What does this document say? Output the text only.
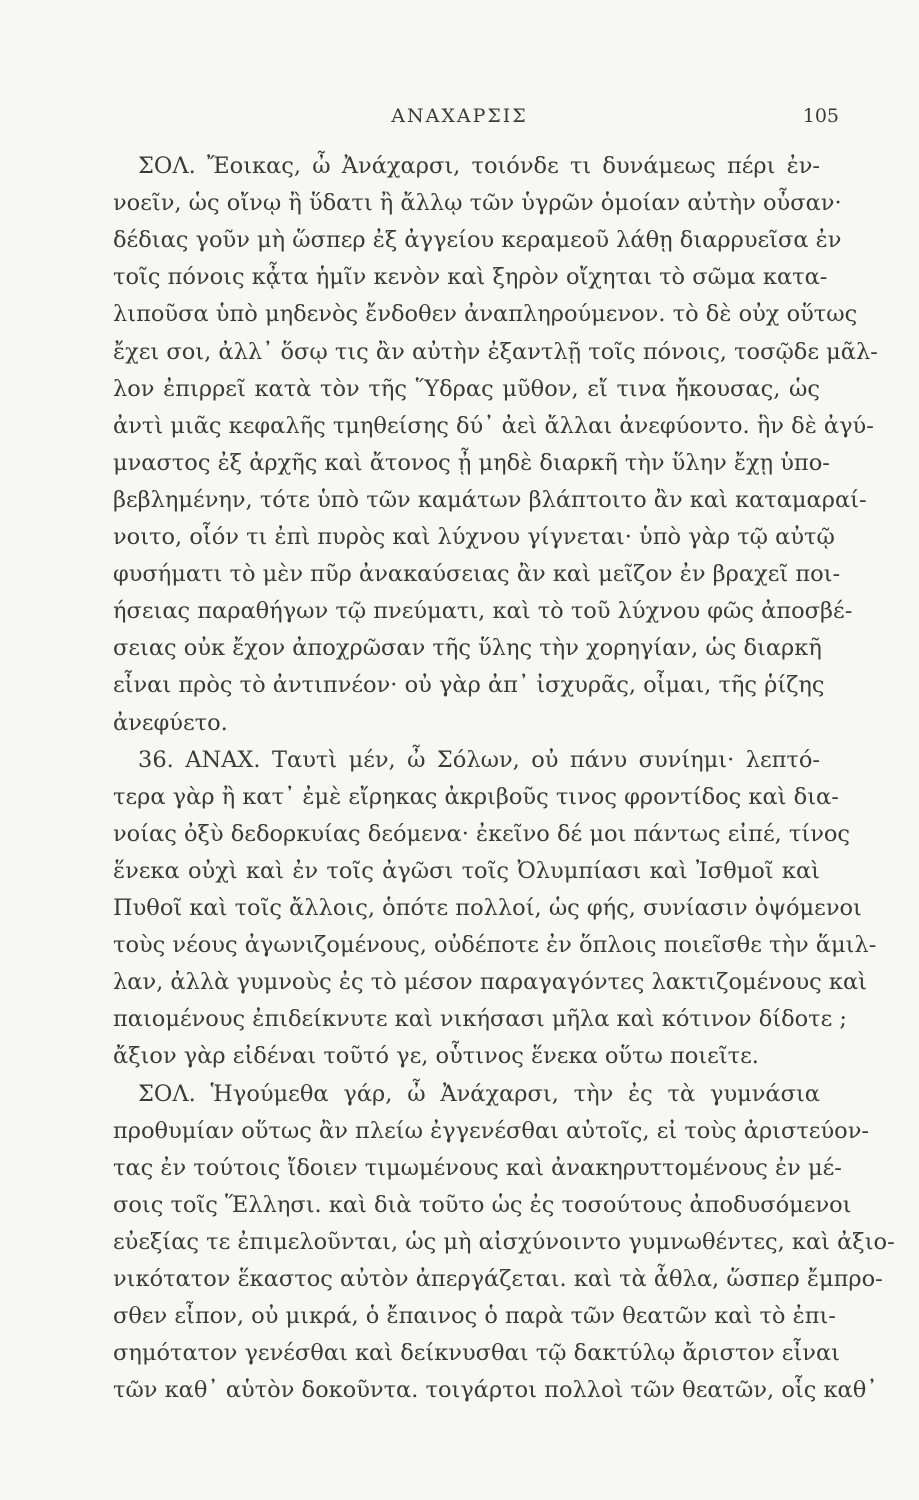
ΑΝΑΧΑΡΣΙΣ	105
ΣΟΛ. Ἔοικας, ὦ Ἀνάχαρσι, τοιόνδε τι δυνάμεως πέρι ἐν-
νοεῖν, ὡς οἴνῳ ἢ ὕδατι ἢ ἄλλῳ τῶν ὑγρῶν ὁμοίαν αὐτὴν οὖσαν·
δέδιας γοῦν μὴ ὥσπερ ἐξ ἀγγείου κεραμεοῦ λάθῃ διαρρυεῖσα ἐν
τοῖς πόνοις κᾆτα ἡμῖν κενὸν καὶ ξηρὸν οἴχηται τὸ σῶμα κατα-
λιποῦσα ὑπὸ μηδενὸς ἔνδοθεν ἀναπληρούμενον. τὸ δὲ οὐχ οὕτως
ἔχει σοι, ἀλλ᾿ ὅσῳ τις ἂν αὐτὴν ἐξαντλῇ τοῖς πόνοις, τοσῷδε μᾶλ-
λον ἐπιρρεῖ κατὰ τὸν τῆς Ὕδρας μῦθον, εἴ τινα ἤκουσας, ὡς
ἀντὶ μιᾶς κεφαλῆς τμηθείσης δύ᾿ ἀεὶ ἄλλαι ἀνεφύοντο. ἣν δὲ ἀγύ-
μναστος ἐξ ἀρχῆς καὶ ἄτονος ᾖ μηδὲ διαρκῆ τὴν ὕλην ἔχῃ ὑπο-
βεβλημένην, τότε ὑπὸ τῶν καμάτων βλάπτοιτο ἂν καὶ καταμαραί-
νοιτο, οἷόν τι ἐπὶ πυρὸς καὶ λύχνου γίγνεται· ὑπὸ γὰρ τῷ αὐτῷ
φυσήματι τὸ μὲν πῦρ ἀνακαύσειας ἂν καὶ μεῖζον ἐν βραχεῖ ποι-
ήσειας παραθήγων τῷ πνεύματι, καὶ τὸ τοῦ λύχνου φῶς ἀποσβέ-
σειας οὐκ ἔχον ἀποχρῶσαν τῆς ὕλης τὴν χορηγίαν, ὡς διαρκῆ
εἶναι πρὸς τὸ ἀντιπνέον· οὐ γὰρ ἀπ᾿ ἰσχυρᾶς, οἶμαι, τῆς ῥίζης
ἀνεφύετο.
36. ΑΝΑΧ. Ταυτὶ μέν, ὦ Σόλων, οὐ πάνυ συνίημι· λεπτό-
τερα γὰρ ἢ κατ᾿ ἐμὲ εἴρηκας ἀκριβοῦς τινος φροντίδος καὶ δια-
νοίας ὀξὺ δεδορκυίας δεόμενα· ἐκεῖνο δέ μοι πάντως εἰπέ, τίνος
ἕνεκα οὐχὶ καὶ ἐν τοῖς ἀγῶσι τοῖς Ὀλυμπίασι καὶ Ἰσθμοῖ καὶ
Πυθοῖ καὶ τοῖς ἄλλοις, ὁπότε πολλοί, ὡς φής, συνίασιν ὀψόμενοι
τοὺς νέους ἀγωνιζομένους, οὐδέποτε ἐν ὅπλοις ποιεῖσθε τὴν ἅμιλ-
λαν, ἀλλὰ γυμνοὺς ἐς τὸ μέσον παραγαγόντες λακτιζομένους καὶ
παιομένους ἐπιδείκνυτε καὶ νικήσασι μῆλα καὶ κότινον δίδοτε ;
ἄξιον γὰρ εἰδέναι τοῦτό γε, οὗτινος ἕνεκα οὕτω ποιεῖτε.
ΣΟΛ. Ἡγούμεθα γάρ, ὦ Ἀνάχαρσι, τὴν ἐς τὰ γυμνάσια
προθυμίαν οὕτως ἂν πλείω ἐγγενέσθαι αὐτοῖς, εἰ τοὺς ἀριστεύον-
τας ἐν τούτοις ἴδοιεν τιμωμένους καὶ ἀνακηρυττομένους ἐν μέ-
σοις τοῖς Ἕλλησι. καὶ διὰ τοῦτο ὡς ἐς τοσούτους ἀποδυσόμενοι
εὐεξίας τε ἐπιμελοῦνται, ὡς μὴ αἰσχύνοιντο γυμνωθέντες, καὶ ἀξιο-
νικότατον ἕκαστος αὐτὸν ἀπεργάζεται. καὶ τὰ ἆθλα, ὥσπερ ἔμπρο-
σθεν εἶπον, οὐ μικρά, ὁ ἔπαινος ὁ παρὰ τῶν θεατῶν καὶ τὸ ἐπι-
σημότατον γενέσθαι καὶ δείκνυσθαι τῷ δακτύλῳ ἄριστον εἶναι
τῶν καθ᾿ αὑτὸν δοκοῦντα. τοιγάρτοι πολλοὶ τῶν θεατῶν, οἷς καθ᾿
